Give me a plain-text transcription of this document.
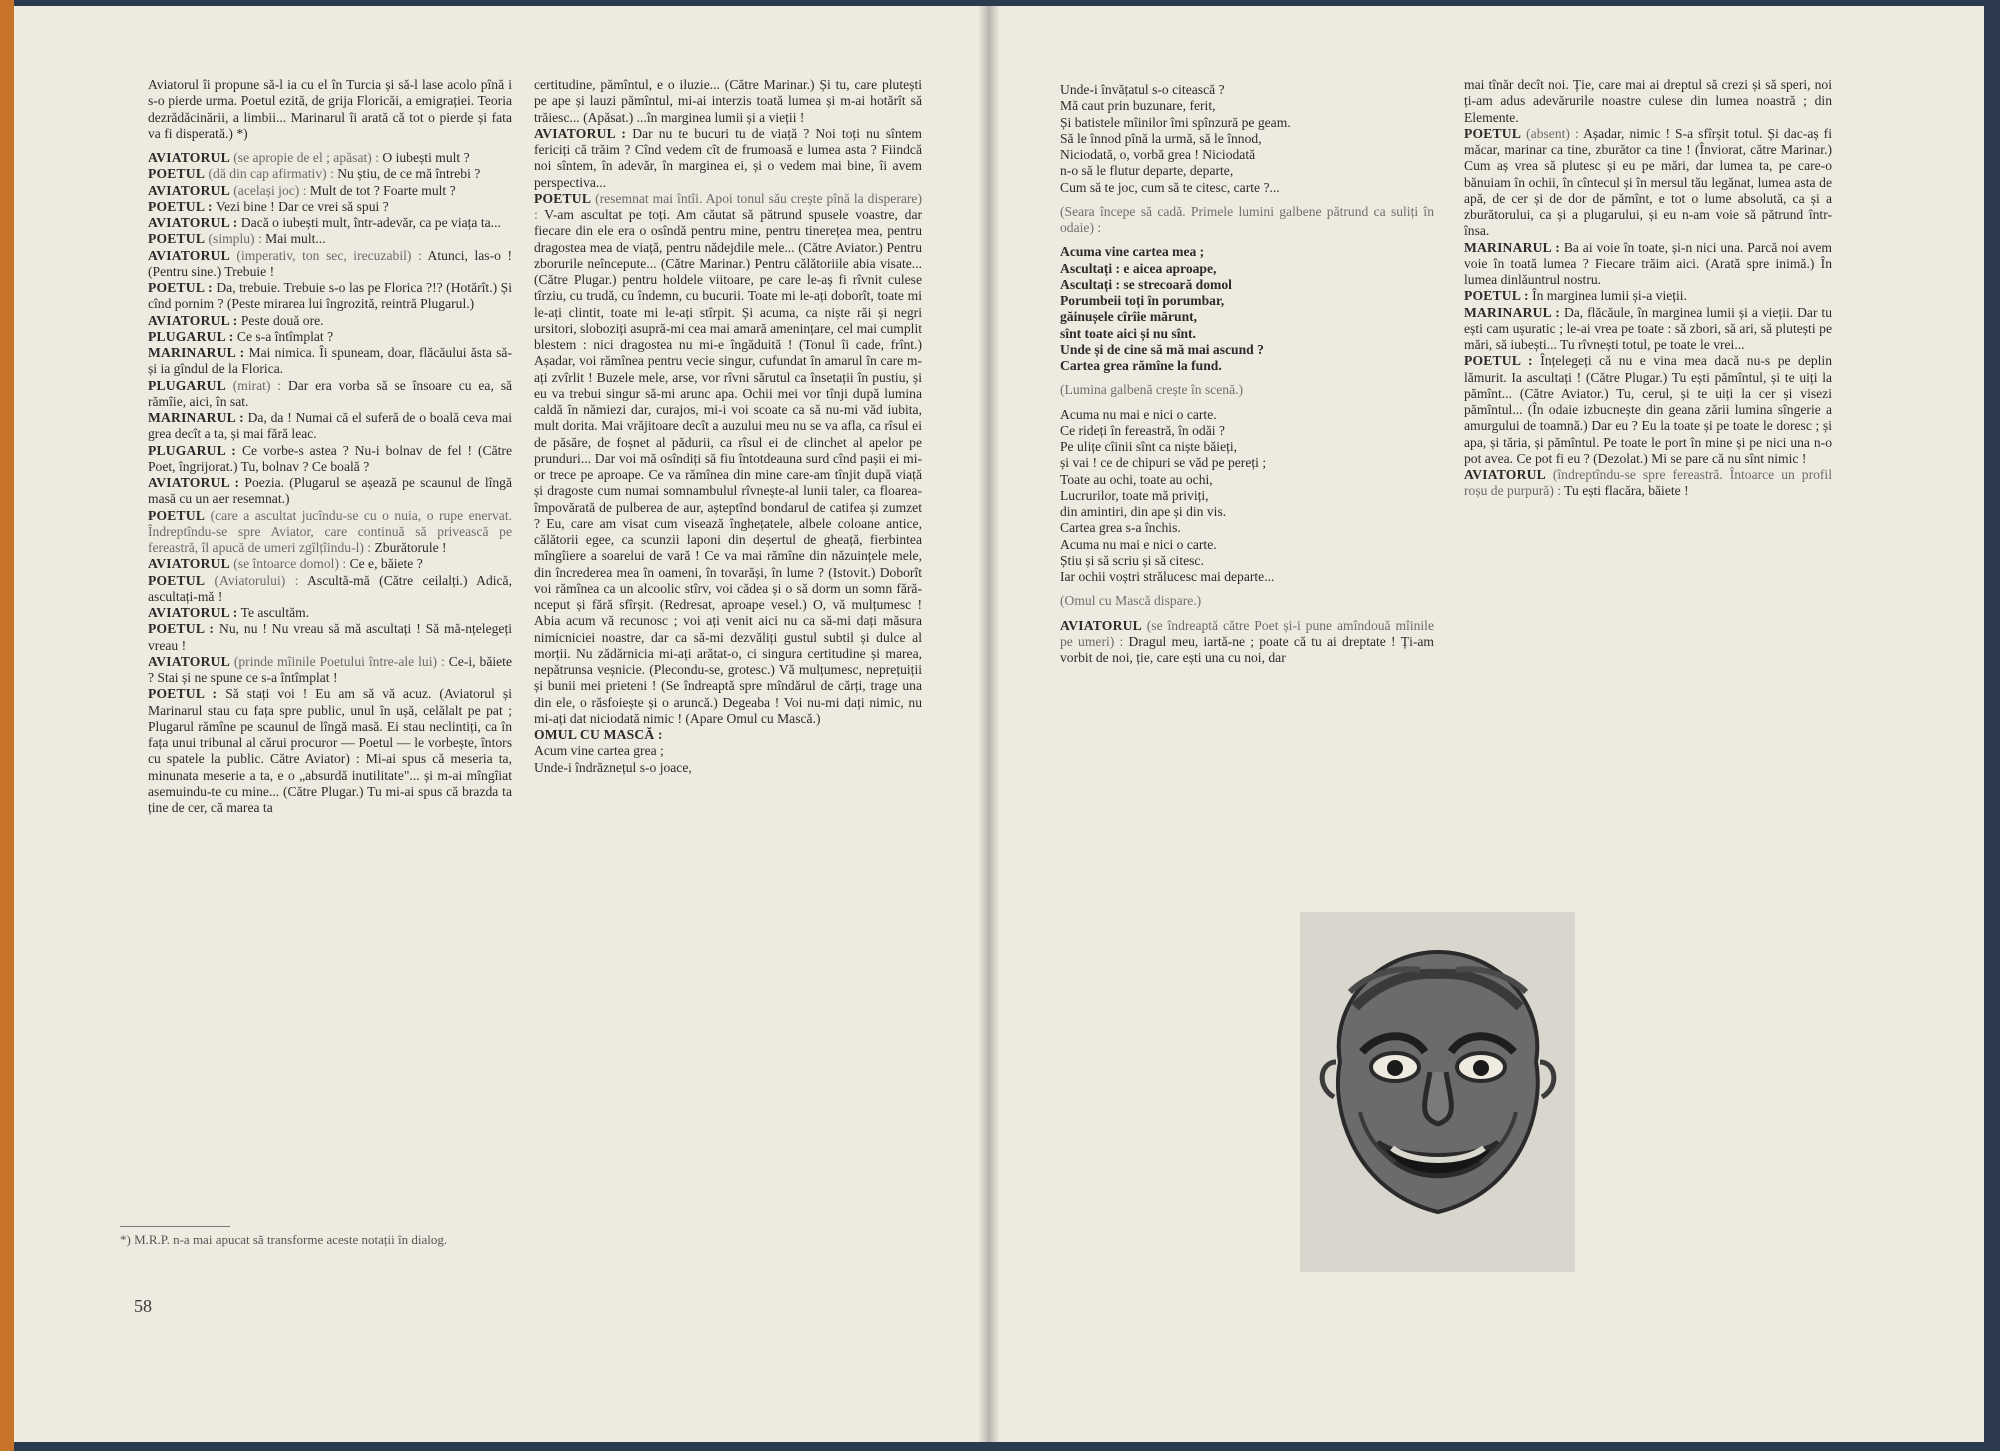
Aviatorul îi propune să-l ia cu el în Turcia și să-l lase acolo pînă i s-o pierde urma. Poetul ezită, de grija Floricăi, a emigrației. Teoria dezrădăcinării, a limbii... Marinarul îi arată că tot o pierde și fata va fi disperată.) *)

AVIATORUL (se apropie de el ; apăsat) : O iubești mult ?

POETUL (dă din cap afirmativ) : Nu știu, de ce mă întrebi ?

AVIATORUL (același joc) : Mult de tot ? Foarte mult ?

POETUL : Vezi bine ! Dar ce vrei să spui ?

AVIATORUL : Dacă o iubești mult, într-adevăr, ca pe viața ta...

POETUL (simplu) : Mai mult...

AVIATORUL (imperativ, ton sec, irecuzabil) : Atunci, las-o ! (Pentru sine.) Trebuie !

POETUL : Da, trebuie. Trebuie s-o las pe Florica ?!? (Hotărît.) Și cînd pornim ? (Peste mirarea lui îngrozită, reintră Plugarul.)

AVIATORUL : Peste două ore.

PLUGARUL : Ce s-a întîmplat ?

MARINARUL : Mai nimica. Îi spuneam, doar, flăcăului ăsta să-și ia gîndul de la Florica.

PLUGARUL (mirat) : Dar era vorba să se însoare cu ea, să rămîie, aici, în sat.

MARINARUL : Da, da ! Numai că el suferă de o boală ceva mai grea decît a ta, și mai fără leac.

PLUGARUL : Ce vorbe-s astea ? Nu-i bolnav de fel ! (Către Poet, îngrijorat.) Tu, bolnav ? Ce boală ?

AVIATORUL : Poezia. (Plugarul se așează pe scaunul de lîngă masă cu un aer resemnat.)

POETUL (care a ascultat jucîndu-se cu o nuia, o rupe enervat. Îndreptîndu-se spre Aviator, care continuă să privească pe fereastră, îl apucă de umeri zgîlțîindu-l) : Zburătorule !

AVIATORUL (se întoarce domol) : Ce e, băiete ?

POETUL (Aviatorului) : Ascultă-mă (Către ceilalți.) Adică, ascultați-mă !

AVIATORUL : Te ascultăm.

POETUL : Nu, nu ! Nu vreau să mă ascultați ! Să mă-nțelegeți vreau !

AVIATORUL (prinde mîinile Poetului între-ale lui) : Ce-i, băiete ? Stai și ne spune ce s-a întîmplat !

POETUL : Să stați voi ! Eu am să vă acuz. (Aviatorul și Marinarul stau cu fața spre public, unul în ușă, celălalt pe pat ; Plugarul rămîne pe scaunul de lîngă masă. Ei stau neclintiți, ca în fața unui tribunal al cărui procuror — Poetul — le vorbește, întors cu spatele la public. Către Aviator) : Mi-ai spus că meseria ta, minunata meserie a ta, e o „absurdă inutilitate"... și m-ai mîngîiat asemuindu-te cu mine... (Către Plugar.) Tu mi-ai spus că brazda ta ține de cer, că marea ta

*) M.R.P. n-a mai apucat să transforme aceste notații în dialog.
58

certitudine, pămîntul, e o iluzie... (Către Marinar.) Și tu, care plutești pe ape și lauzi pămîntul, mi-ai interzis toată lumea și m-ai hotărît să trăiesc... (Apăsat.) ...în marginea lumii și a vieții !

AVIATORUL : Dar nu te bucuri tu de viață ? Noi toți nu sîntem fericiți că trăim ? Cînd vedem cît de frumoasă e lumea asta ? Fiindcă noi sîntem, în adevăr, în marginea ei, și o vedem mai bine, îi avem perspectiva...

POETUL (resemnat mai întîi. Apoi tonul său crește pînă la disperare) : V-am ascultat pe toți. Am căutat să pătrund spusele voastre, dar fiecare din ele era o osîndă pentru mine, pentru tinerețea mea, pentru dragostea mea de viață, pentru nădejdile mele... (Către Aviator.) Pentru zborurile neîncepute... (Către Marinar.) Pentru călătoriile abia visate... (Către Plugar.) pentru holdele viitoare, pe care le-aș fi rîvnit culese tîrziu, cu trudă, cu îndemn, cu bucurii. Toate mi le-ați doborît, toate mi le-ați clintit, toate mi le-ați stîrpit. Și acuma, ca niște răi și negri ursitori, sloboziți asupră-mi cea mai amară amenințare, cel mai cumplit blestem : nici dragostea nu mi-e îngăduită ! (Tonul îi cade, frînt.) Așadar, voi rămînea pentru vecie singur, cufundat în amarul în care m-ați zvîrlit ! Buzele mele, arse, vor rîvni sărutul ca însetații în pustiu, și eu va trebui singur să-mi arunc apa. Ochii mei vor tînji după lumina caldă în nămiezi dar, curajos, mi-i voi scoate ca să nu-mi văd iubita, mult dorita. Mai vrăjitoare decît a auzului meu nu se va afla, ca rîsul ei de păsăre, de foșnet al pădurii, ca rîsul ei de clinchet al apelor pe prunduri... Dar voi mă osîndiți să fiu întotdeauna surd cînd pașii ei mi-or trece pe aproape. Ce va rămînea din mine care-am tînjit după viață și dragoste cum numai somnambulul rîvnește-al lunii taler, ca floarea-împovărată de pulberea de aur, așteptînd bondarul de catifea și zumzet ? Eu, care am visat cum visează înghețatele, albele coloane antice, călătorii egee, ca scunzii laponi din deșertul de gheață, fierbintea mîngîiere a soarelui de vară ! Ce va mai rămîne din năzuințele mele, din încrederea mea în oameni, în tovarăși, în lume ? (Istovit.) Doborît voi rămînea ca un alcoolic stîrv, voi cădea și o să dorm un somn fără-nceput și fără sfîrșit. (Redresat, aproape vesel.) O, vă mulțumesc ! Abia acum vă recunosc ; voi ați venit aici nu ca să-mi dați măsura nimicniciei noastre, dar ca să-mi dezvăliți gustul subtil și dulce al morții. Nu zădărnicia mi-ați arătat-o, ci singura certitudine și marea, nepătrunsa veșnicie. (Plecondu-se, grotesc.) Vă mulțumesc, neprețuiții și bunii mei prieteni ! (Se îndreaptă spre mîndărul de cărți, trage una din ele, o răsfoiește și o aruncă.) Degeaba ! Voi nu-mi dați nimic, nu mi-ați dat niciodată nimic ! (Apare Omul cu Mască.)

OMUL CU MASCĂ :

Acum vine cartea grea ;

Unde-i îndrăznețul s-o joace,

Unde-i învățatul s-o citească ?

Mă caut prin buzunare, ferit,

Și batistele mîinilor îmi spînzură pe geam.

Să le înnod pînă la urmă, să le înnod,

Niciodată, o, vorbă grea ! Niciodată

n-o să le flutur departe, departe,

Cum să te joc, cum să te citesc, carte ?...

(Seara începe să cadă. Primele lumini galbene pătrund ca suliți în odaie) :

Acuma vine cartea mea ;

Ascultați : e aicea aproape,

Ascultați : se strecoară domol

Porumbeii toți în porumbar,

găinușele cîrîie mărunt,

sînt toate aici și nu sînt.

Unde și de cine să mă mai ascund ?

Cartea grea rămîne la fund.

(Lumina galbenă crește în scenă.)

Acuma nu mai e nici o carte.

Ce rideți în fereastră, în odăi ?

Pe ulițe cîinii sînt ca niște băieți,

și vai ! ce de chipuri se văd pe pereți ;

Toate au ochi, toate au ochi,

Lucrurilor, toate mă priviți,

din amintiri, din ape și din vis.

Cartea grea s-a închis.

Acuma nu mai e nici o carte.

Știu și să scriu și să citesc.

Iar ochii voștri strălucesc mai departe...

(Omul cu Mască dispare.)

AVIATORUL (se îndreaptă către Poet și-i pune amîndouă mîinile pe umeri) : Dragul meu, iartă-ne ; poate că tu ai dreptate ! Ți-am vorbit de noi, ție, care ești una cu noi, dar

mai tînăr decît noi. Ție, care mai ai dreptul să crezi și să speri, noi ți-am adus adevărurile noastre culese din lumea noastră ; din Elemente.

POETUL (absent) : Așadar, nimic ! S-a sfîrșit totul. Și dac-aș fi măcar, marinar ca tine, zburător ca tine ! (Înviorat, către Marinar.) Cum aș vrea să plutesc și eu pe mări, dar lumea ta, pe care-o bănuiam în ochii, în cîntecul și în mersul tău legănat, lumea asta de apă, de cer și de dor de pămînt, e tot o lume absolută, ca și a zburătorului, ca și a plugarului, și eu n-am voie să pătrund într-însa.

MARINARUL : Ba ai voie în toate, și-n nici una. Parcă noi avem voie în toată lumea ? Fiecare trăim aici. (Arată spre inimă.) În lumea dinlăuntrul nostru.

POETUL : În marginea lumii și-a vieții.

MARINARUL : Da, flăcăule, în marginea lumii și a vieții. Dar tu ești cam ușuratic ; le-ai vrea pe toate : să zbori, să ari, să plutești pe mări, să iubești... Tu rîvnești totul, pe toate le vrei...

POETUL : Înțelegeți că nu e vina mea dacă nu-s pe deplin lămurit. Ia ascultați ! (Către Plugar.) Tu ești pămîntul, și te uiți la pămînt... (Către Aviator.) Tu, cerul, și te uiți la cer și visezi pămîntul... (În odaie izbucnește din geana zării lumina sîngerie a amurgului de toamnă.) Dar eu ? Eu la toate și pe toate le doresc ; și apa, și tăria, și pămîntul. Pe toate le port în mine și pe nici una n-o pot avea. Ce pot fi eu ? (Dezolat.) Mi se pare că nu sînt nimic !

AVIATORUL (îndreptîndu-se spre fereastră. Întoarce un profil roșu de purpură) : Tu ești flacăra, băiete !
